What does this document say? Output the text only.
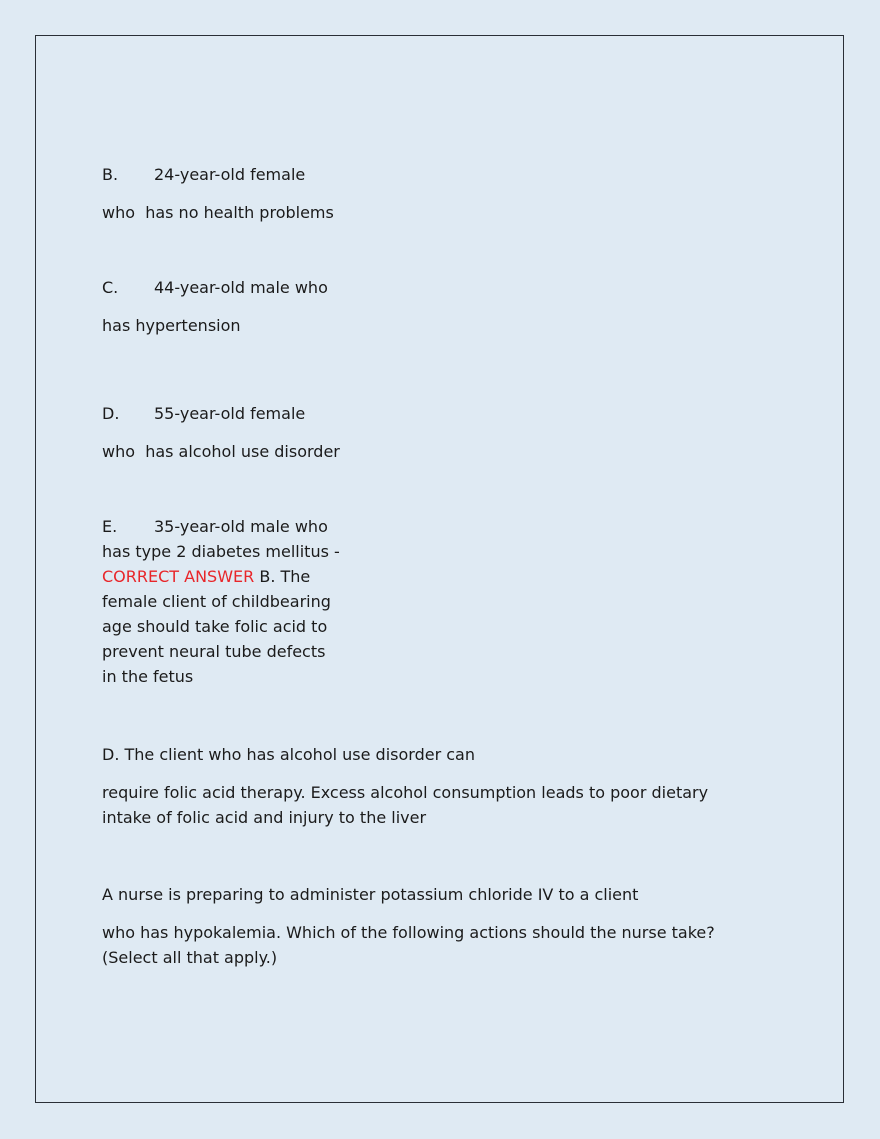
B. 24-year-old female

who  has no health problems

C. 44-year-old male who

has hypertension

D. 55-year-old female

who  has alcohol use disorder

E. 35-year-old male who

has type 2 diabetes mellitus -
CORRECT ANSWER B. The female client of childbearing age should take folic acid to prevent neural tube defects in the fetus

D. The client who has alcohol use disorder can

require folic acid therapy. Excess alcohol consumption leads to poor dietary intake of folic acid and injury to the liver

A nurse is preparing to administer potassium chloride IV to a client

who has hypokalemia. Which of the following actions should the nurse take? (Select all that apply.)
